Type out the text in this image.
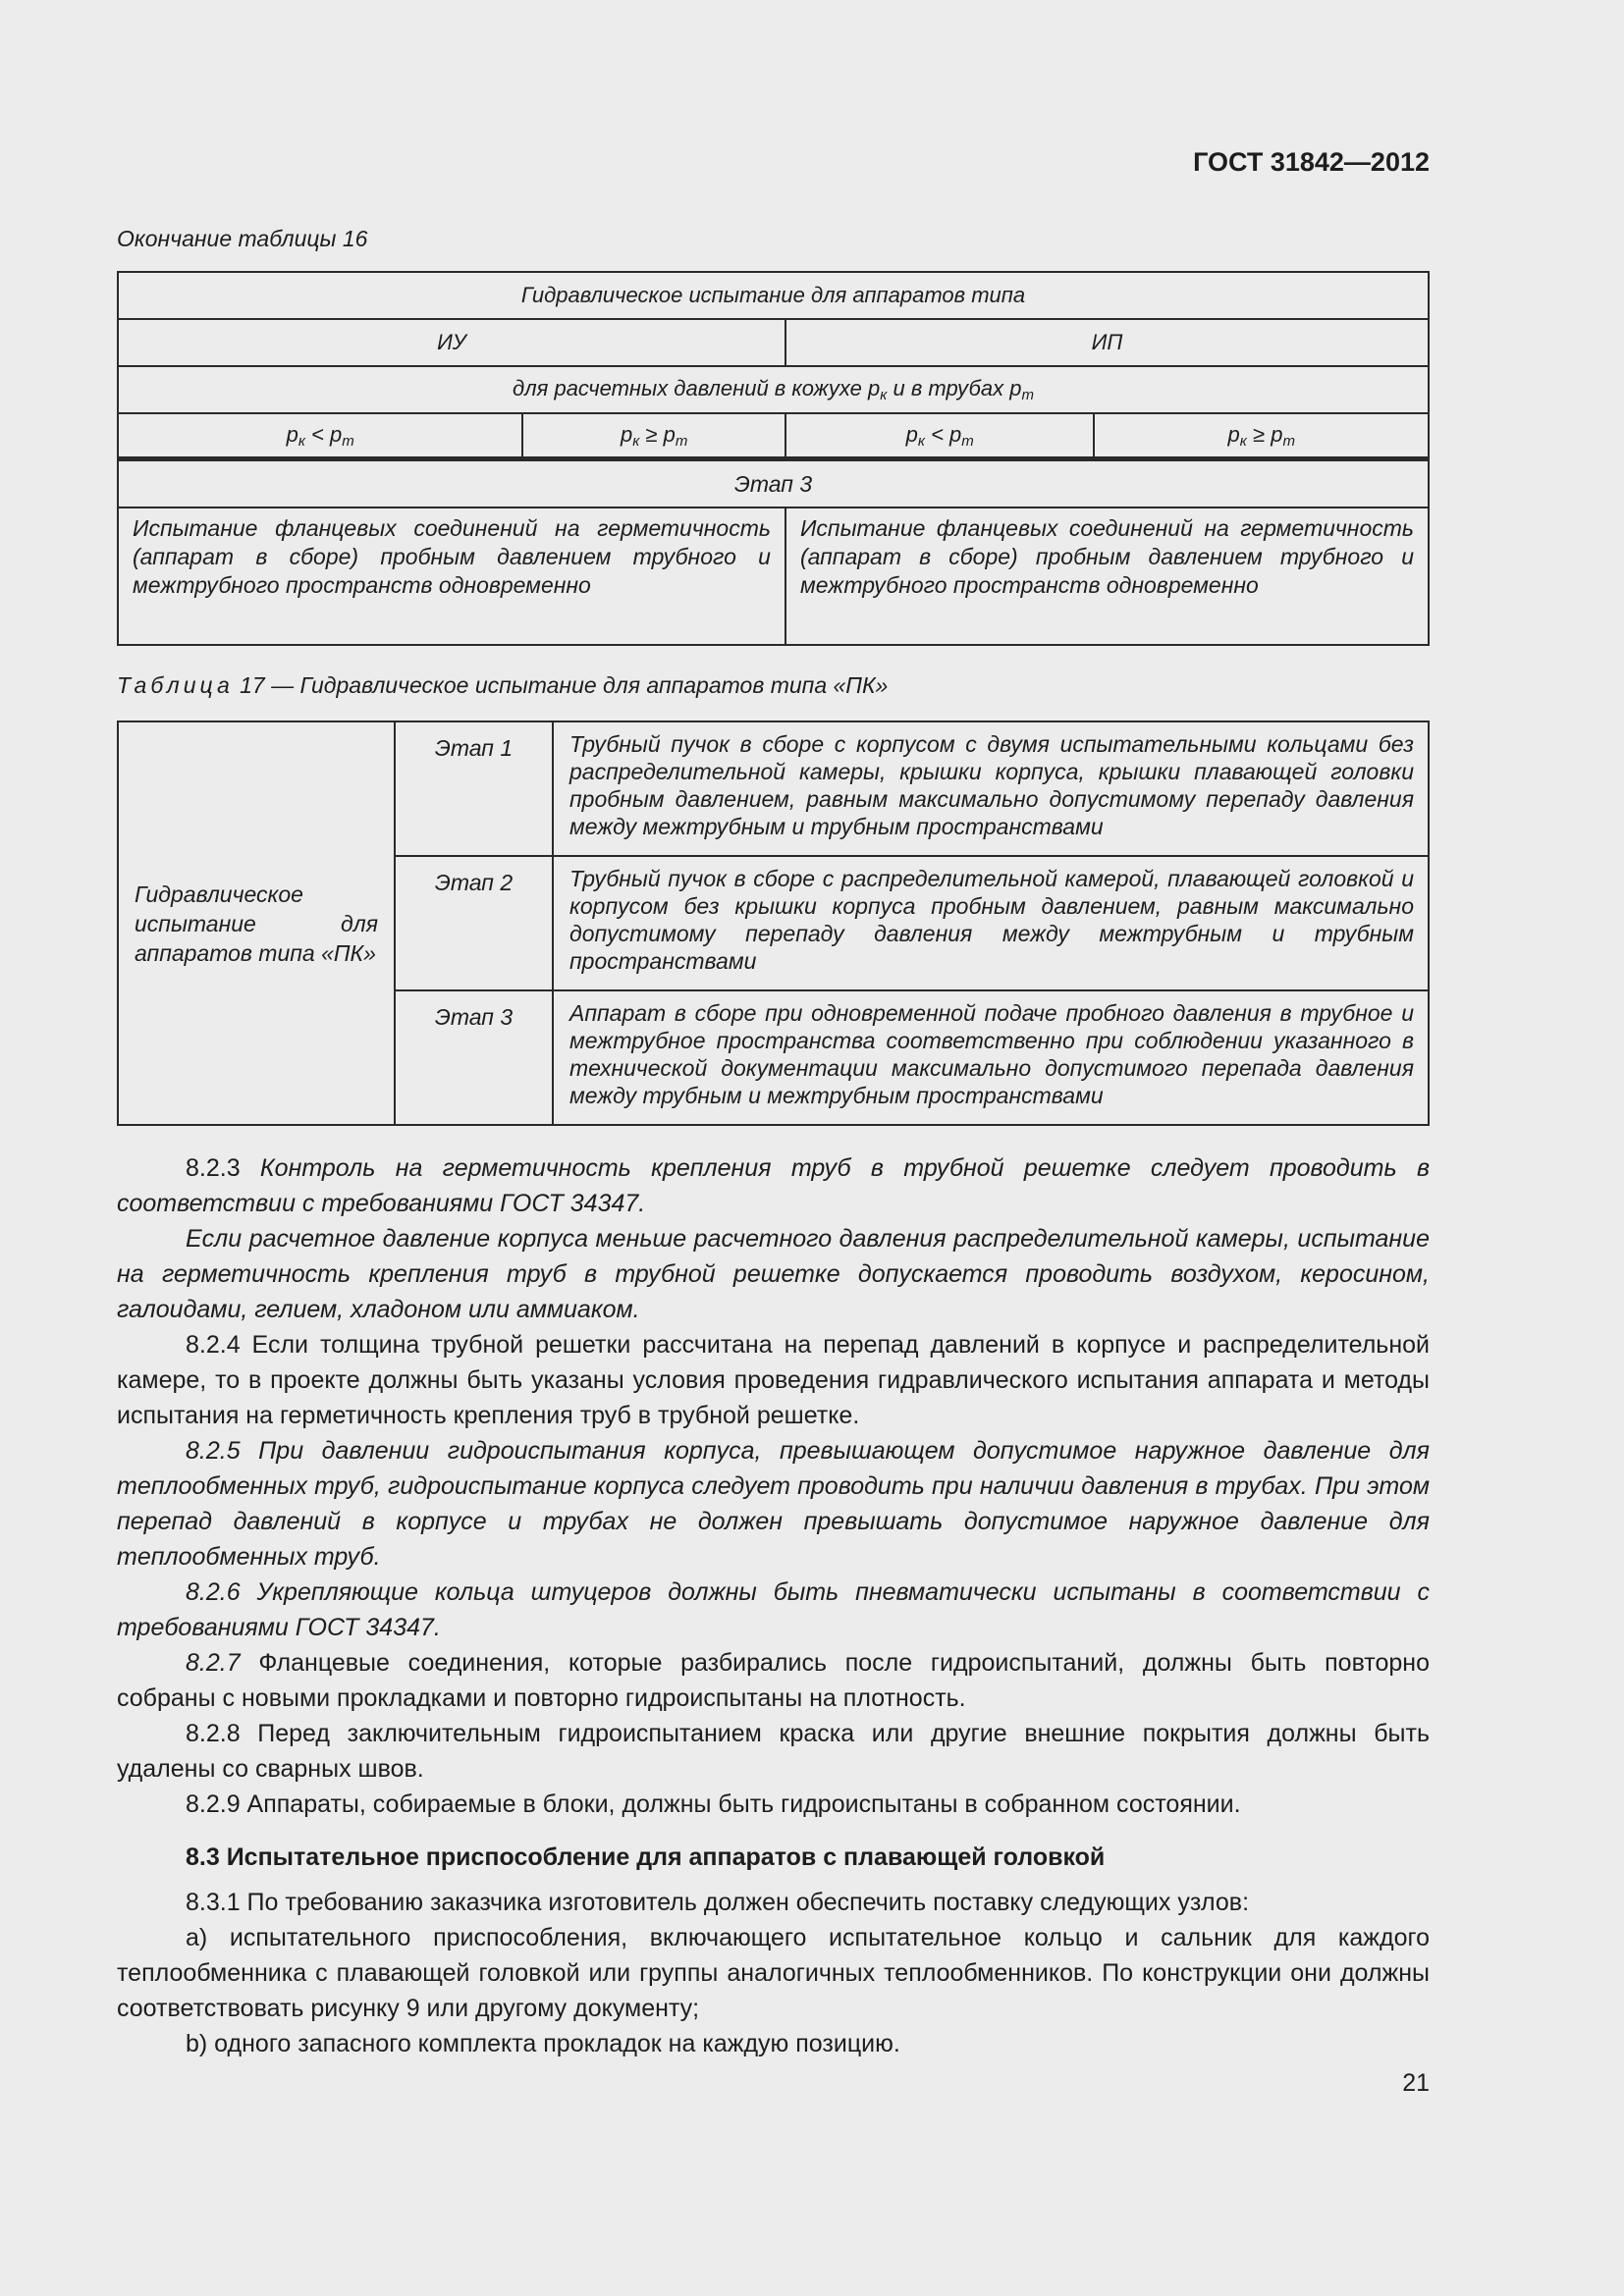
ГОСТ 31842—2012
Окончание таблицы 16
Гидравлическое испытание для аппаратов типа			
ИУ		ИП	
для расчетных давлений в кожухе $p_к$ и в трубах $p_т$
$p_к < p_т$	$p_к \ge p_т$	$p_к < p_т$	$p_к \ge p_т$
Этап 3			
Испытание фланцевых соединений на герметичность (аппарат в сборе) пробным давлением трубного и межтрубного пространств одновременно		Испытание фланцевых соединений на герметичность (аппарат в сборе) пробным давлением трубного и межтрубного пространств одновременно	
Таблица 17 — Гидравлическое испытание для аппаратов типа «ПК»
Гидравлическое испытание для аппаратов типа «ПК»	Этап 1	Трубный пучок в сборе с корпусом с двумя испытательными кольцами без распределительной камеры, крышки корпуса, крышки плавающей головки пробным давлением, равным максимально допустимому перепаду давления между межтрубным и трубным пространствами
	Этап 2	Трубный пучок в сборе с распределительной камерой, плавающей головкой и корпусом без крышки корпуса пробным давлением, равным максимально допустимому перепаду давления между межтрубным и трубным пространствами
	Этап 3	Аппарат в сборе при одновременной подаче пробного давления в трубное и межтрубное пространства соответственно при соблюдении указанного в технической документации максимально допустимого перепада давления между трубным и межтрубным пространствами

8.2.3 Контроль на герметичность крепления труб в трубной решетке следует проводить в соответствии с требованиями ГОСТ 34347.

Если расчетное давление корпуса меньше расчетного давления распределительной камеры, испытание на герметичность крепления труб в трубной решетке допускается проводить воздухом, керосином, галоидами, гелием, хладоном или аммиаком.

8.2.4 Если толщина трубной решетки рассчитана на перепад давлений в корпусе и распределительной камере, то в проекте должны быть указаны условия проведения гидравлического испытания аппарата и методы испытания на герметичность крепления труб в трубной решетке.

8.2.5 При давлении гидроиспытания корпуса, превышающем допустимое наружное давление для теплообменных труб, гидроиспытание корпуса следует проводить при наличии давления в трубах. При этом перепад давлений в корпусе и трубах не должен превышать допустимое наружное давление для теплообменных труб.

8.2.6 Укрепляющие кольца штуцеров должны быть пневматически испытаны в соответствии с требованиями ГОСТ 34347.

8.2.7 Фланцевые соединения, которые разбирались после гидроиспытаний, должны быть повторно собраны с новыми прокладками и повторно гидроиспытаны на плотность.

8.2.8 Перед заключительным гидроиспытанием краска или другие внешние покрытия должны быть удалены со сварных швов.

8.2.9 Аппараты, собираемые в блоки, должны быть гидроиспытаны в собранном состоянии.

8.3 Испытательное приспособление для аппаратов с плавающей головкой

8.3.1 По требованию заказчика изготовитель должен обеспечить поставку следующих узлов:

a) испытательного приспособления, включающего испытательное кольцо и сальник для каждого теплообменника с плавающей головкой или группы аналогичных теплообменников. По конструкции они должны соответствовать рисунку 9 или другому документу;

b) одного запасного комплекта прокладок на каждую позицию.

21
